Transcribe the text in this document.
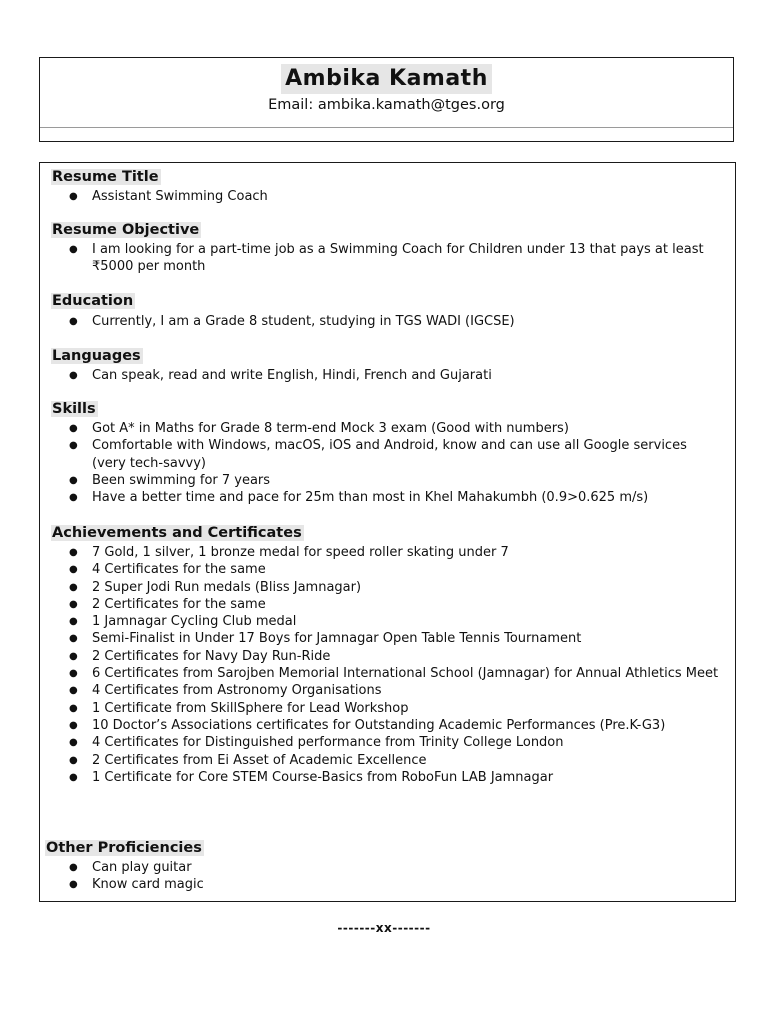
Ambika Kamath
Email: ambika.kamath@tges.org
Resume Title
● Assistant Swimming Coach
Resume Objective
● I am looking for a part-time job as a Swimming Coach for Children under 13 that pays at least ₹5000 per month
Education
● Currently, I am a Grade 8 student, studying in TGS WADI (IGCSE)
Languages
● Can speak, read and write English, Hindi, French and Gujarati
Skills
● Got A* in Maths for Grade 8 term-end Mock 3 exam (Good with numbers)
● Comfortable with Windows, macOS, iOS and Android, know and can use all Google services (very tech-savvy)
● Been swimming for 7 years
● Have a better time and pace for 25m than most in Khel Mahakumbh (0.9>0.625 m/s)
Achievements and Certificates
● 7 Gold, 1 silver, 1 bronze medal for speed roller skating under 7
● 4 Certificates for the same
● 2 Super Jodi Run medals (Bliss Jamnagar)
● 2 Certificates for the same
● 1 Jamnagar Cycling Club medal
● Semi-Finalist in Under 17 Boys for Jamnagar Open Table Tennis Tournament
● 2 Certificates for Navy Day Run-Ride
● 6 Certificates from Sarojben Memorial International School (Jamnagar) for Annual Athletics Meet
● 4 Certificates from Astronomy Organisations
● 1 Certificate from SkillSphere for Lead Workshop
● 10 Doctor’s Associations certificates for Outstanding Academic Performances (Pre.K-G3)
● 4 Certificates for Distinguished performance from Trinity College London
● 2 Certificates from Ei Asset of Academic Excellence
● 1 Certificate for Core STEM Course-Basics from RoboFun LAB Jamnagar
Other Proficiencies
● Can play guitar
● Know card magic
-------xx-------
